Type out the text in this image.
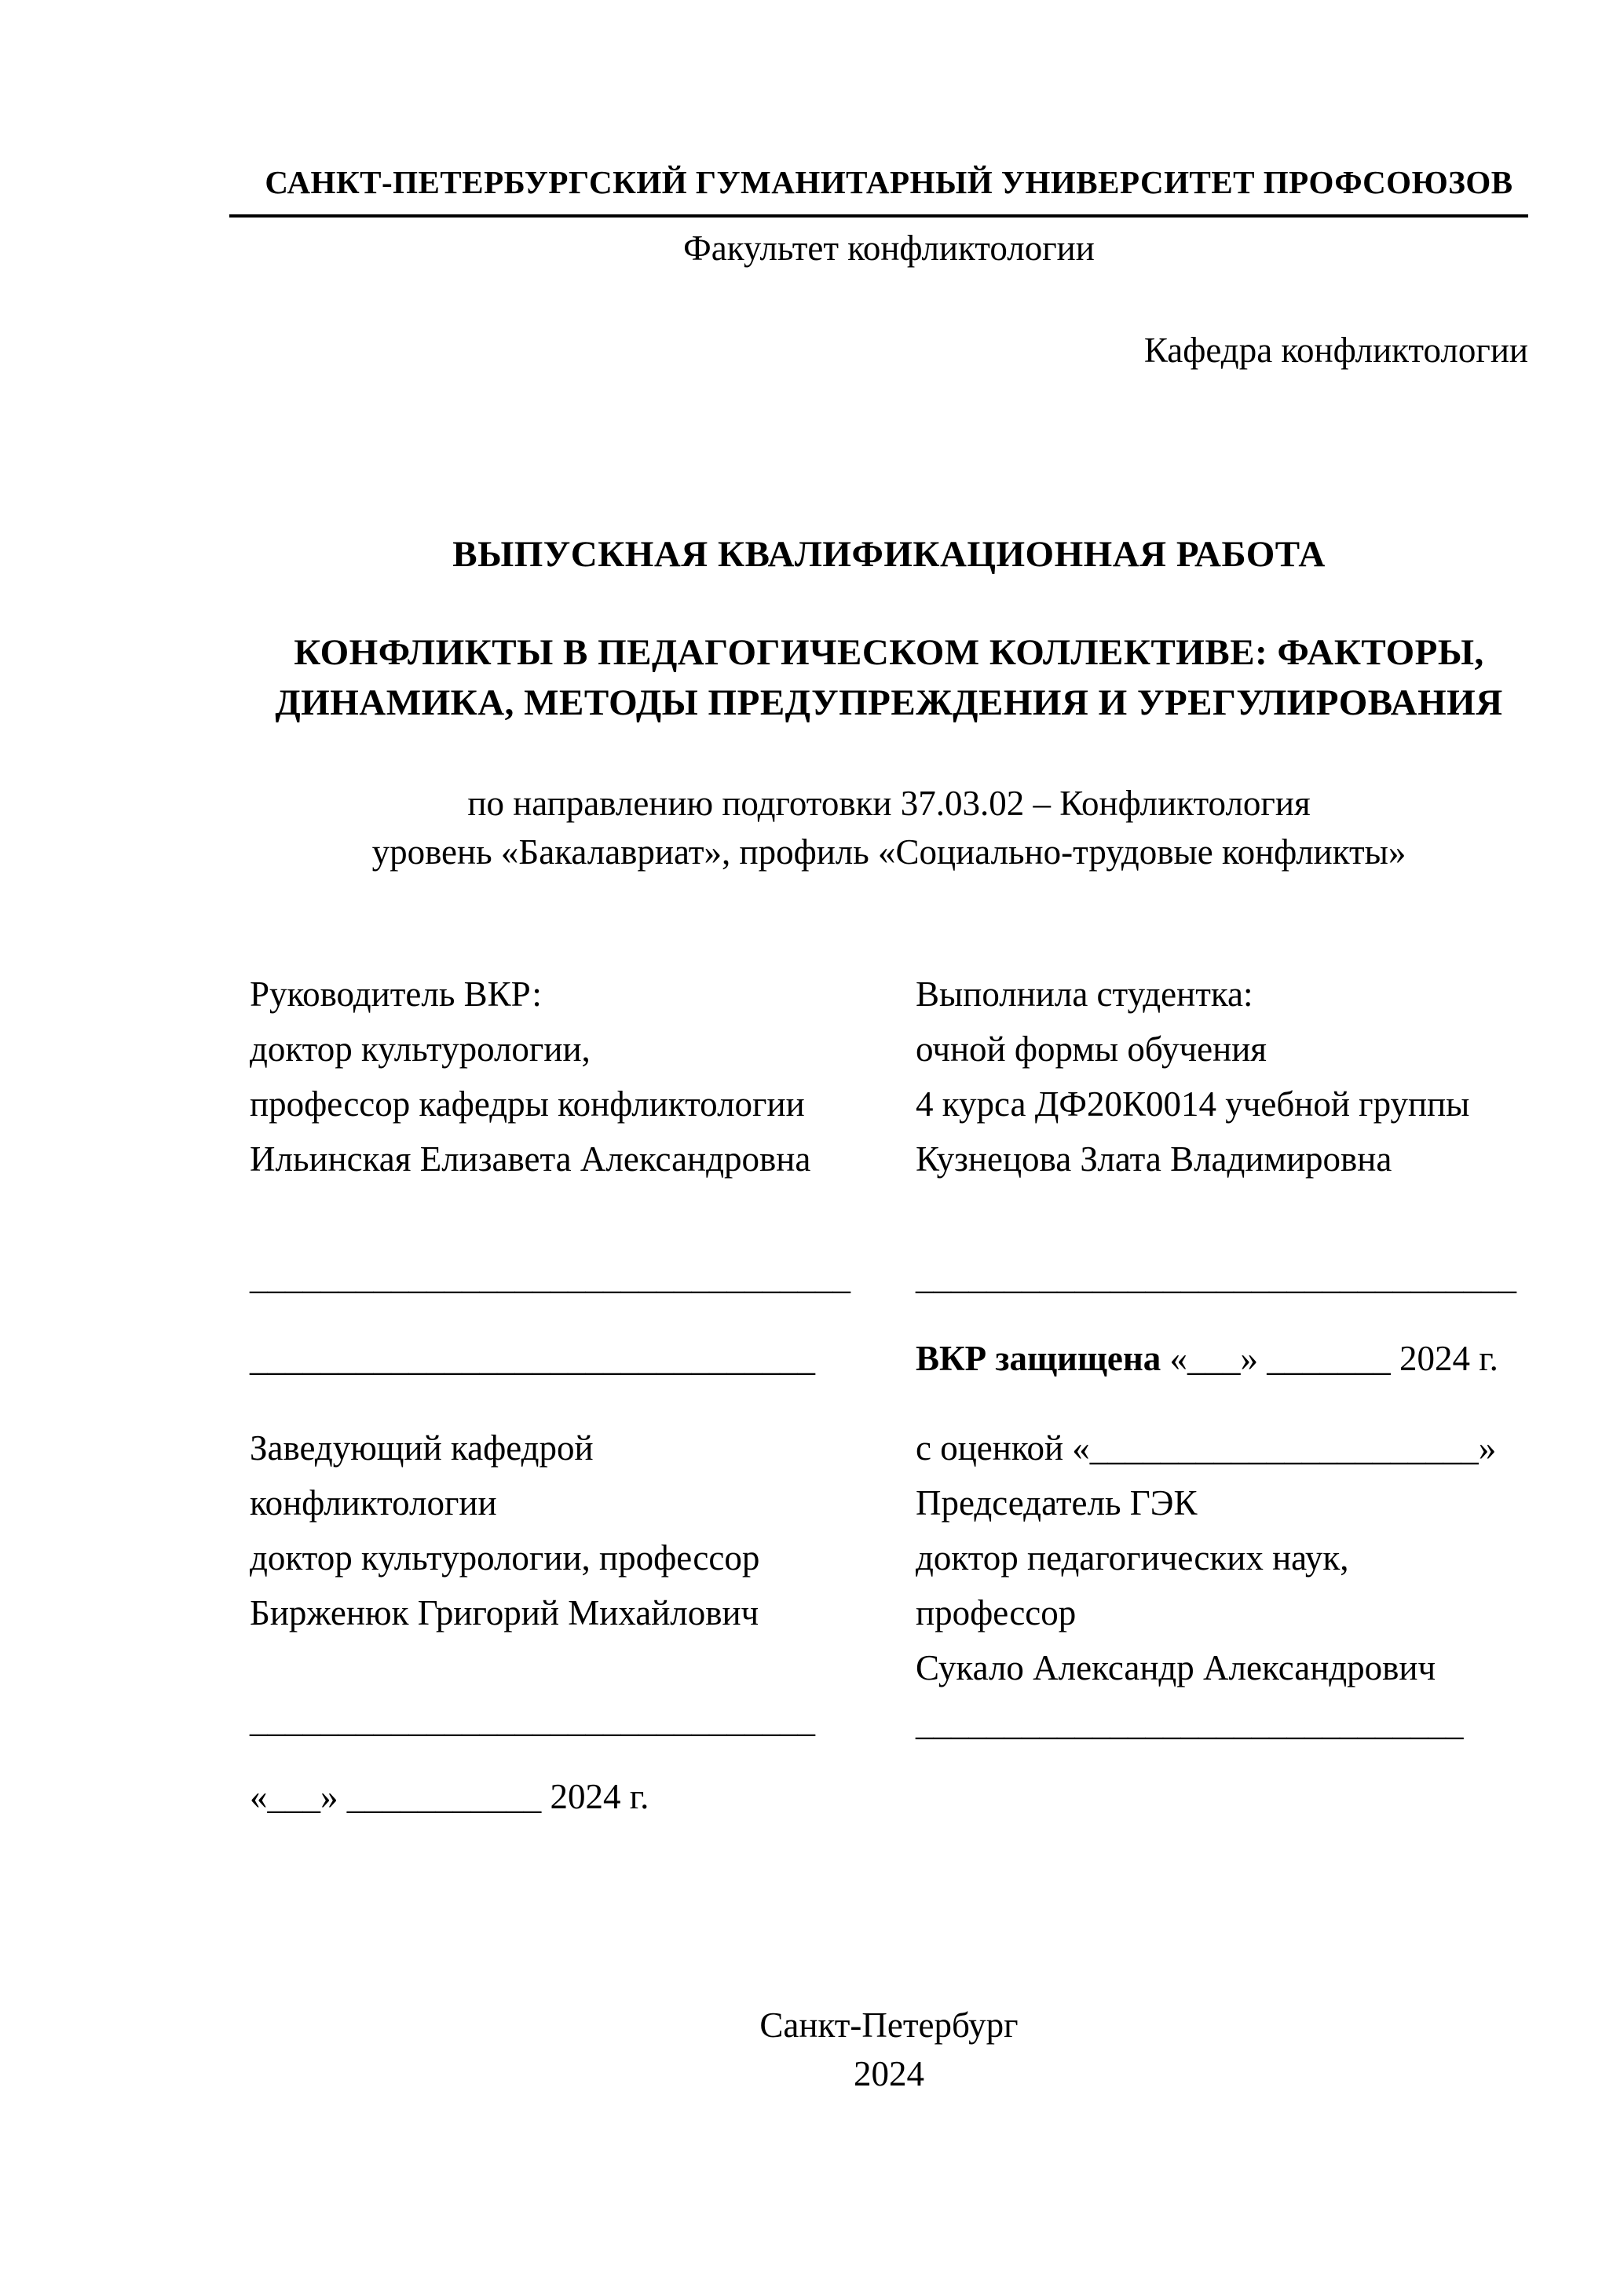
САНКТ-ПЕТЕРБУРГСКИЙ ГУМАНИТАРНЫЙ УНИВЕРСИТЕТ ПРОФСОЮЗОВ
Факультет конфликтологии
Кафедра конфликтологии
ВЫПУСКНАЯ КВАЛИФИКАЦИОННАЯ РАБОТА
КОНФЛИКТЫ В ПЕДАГОГИЧЕСКОМ КОЛЛЕКТИВЕ: ФАКТОРЫ, ДИНАМИКА, МЕТОДЫ ПРЕДУПРЕЖДЕНИЯ И УРЕГУЛИРОВАНИЯ
по направлению подготовки 37.03.02 – Конфликтология
уровень «Бакалавриат», профиль «Социально-трудовые конфликты»
Руководитель ВКР:
доктор культурологии,
профессор кафедры конфликтологии
Ильинская Елизавета Александровна
__________________________________
________________________________
Заведующий кафедрой
конфликтологии
доктор культурологии, профессор
Бирженюк Григорий Михайлович
________________________________
«___» ___________ 2024 г.
Выполнила студентка:
очной формы обучения
4 курса ДФ20К0014 учебной группы
Кузнецова Злата Владимировна
__________________________________
ВКР защищена «___» _______ 2024 г.
с оценкой «______________________»
Председатель ГЭК
доктор педагогических наук,
профессор
Сукало Александр Александрович
_______________________________
Санкт-Петербург
2024
